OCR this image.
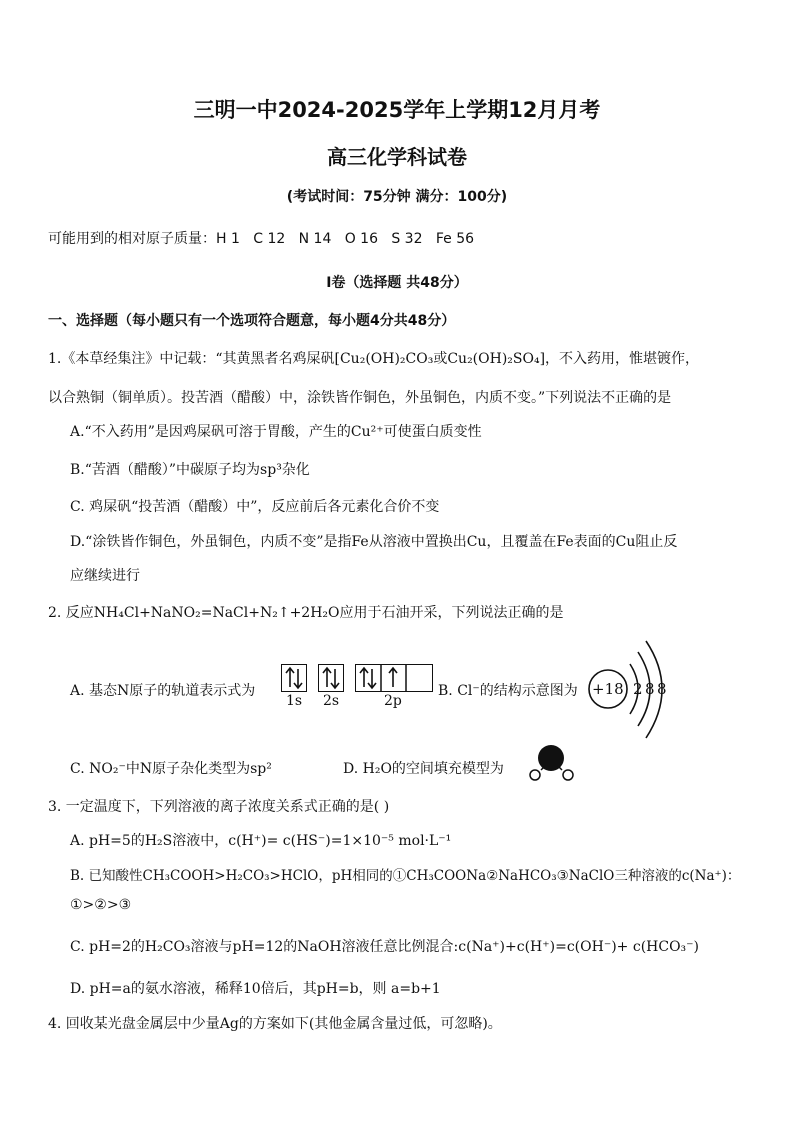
三明一中2024-2025学年上学期12月月考
高三化学科试卷
(考试时间：75分钟 满分：100分)
可能用到的相对原子质量：H 1   C 12   N 14   O 16   S 32   Fe 56
I卷（选择题 共48分）
一、选择题（每小题只有一个选项符合题意，每小题4分共48分）
1.《本草经集注》中记载：“其黄黑者名鸡屎矾[Cu₂(OH)₂CO₃或Cu₂(OH)₂SO₄]，不入药用，惟堪镀作，
以合熟铜（铜单质）。投苦酒（醋酸）中，涂铁皆作铜色，外虽铜色，内质不变。”下列说法不正确的是
A.“不入药用”是因鸡屎矾可溶于胃酸，产生的Cu²⁺可使蛋白质变性
B.“苦酒（醋酸）”中碳原子均为sp³杂化
C. 鸡屎矾“投苦酒（醋酸）中”，反应前后各元素化合价不变
D.“涂铁皆作铜色，外虽铜色，内质不变”是指Fe从溶液中置换出Cu，且覆盖在Fe表面的Cu阻止反
应继续进行
2. 反应NH₄Cl+NaNO₂=NaCl+N₂↑+2H₂O应用于石油开采，下列说法正确的是
A. 基态N原子的轨道表示式为
1s 2s	2p
B. Cl⁻的结构示意图为 +18 2 8 8
C. NO₂⁻中N原子杂化类型为sp²	D. H₂O的空间填充模型为
3. 一定温度下，下列溶液的离子浓度关系式正确的是( )
A. pH=5的H₂S溶液中，c(H⁺)= c(HS⁻)=1×10⁻⁵ mol·L⁻¹
B. 已知酸性CH₃COOH>H₂CO₃>HClO，pH相同的①CH₃COONa②NaHCO₃③NaClO三种溶液的c(Na⁺)：
①>②>③
C. pH=2的H₂CO₃溶液与pH=12的NaOH溶液任意比例混合:c(Na⁺)+c(H⁺)=c(OH⁻)+ c(HCO₃⁻)
D. pH=a的氨水溶液，稀释10倍后，其pH=b，则 a=b+1
4. 回收某光盘金属层中少量Ag的方案如下(其他金属含量过低，可忽略)。
